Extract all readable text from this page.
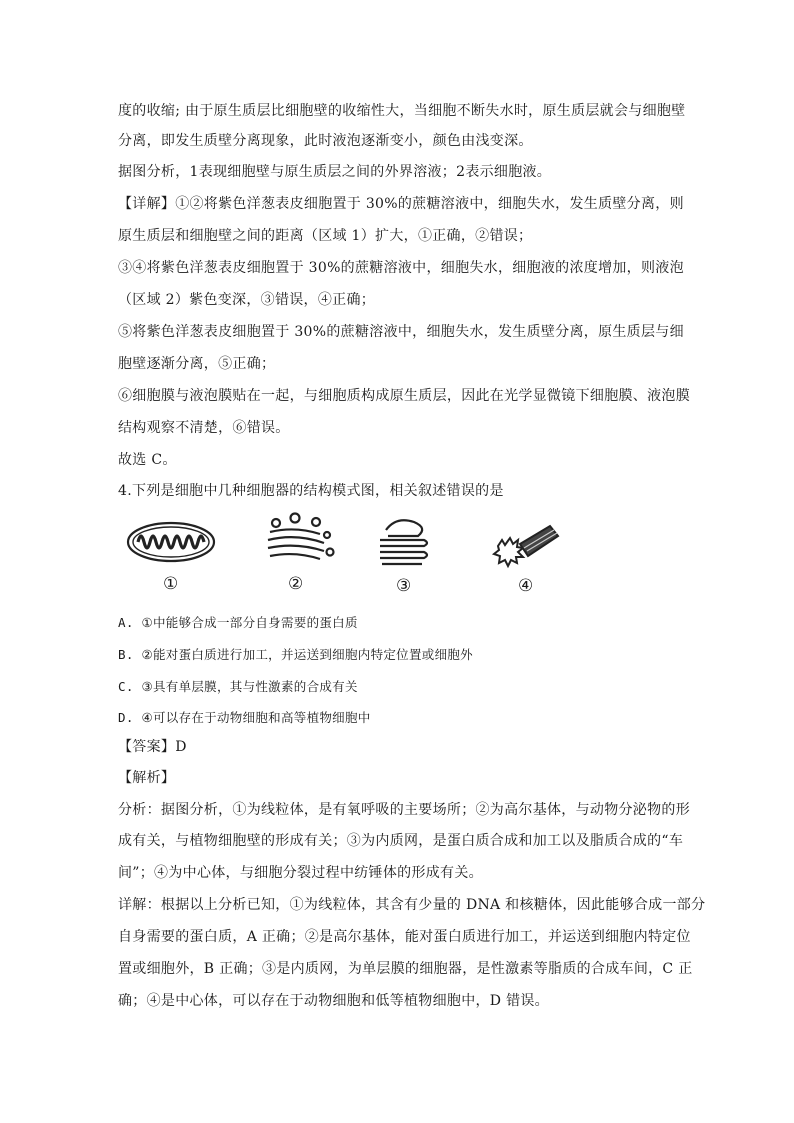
度的收缩; 由于原生质层比细胞壁的收缩性大，当细胞不断失水时，原生质层就会与细胞壁
分离，即发生质壁分离现象，此时液泡逐渐变小，颜色由浅变深。
据图分析，1表现细胞壁与原生质层之间的外界溶液；2表示细胞液。
【详解】①②将紫色洋葱表皮细胞置于 30%的蔗糖溶液中，细胞失水，发生质壁分离，则
原生质层和细胞壁之间的距离（区域 1）扩大，①正确，②错误；
③④将紫色洋葱表皮细胞置于 30%的蔗糖溶液中，细胞失水，细胞液的浓度增加，则液泡
（区域 2）紫色变深，③错误，④正确；
⑤将紫色洋葱表皮细胞置于 30%的蔗糖溶液中，细胞失水，发生质壁分离，原生质层与细
胞壁逐渐分离，⑤正确；
⑥细胞膜与液泡膜贴在一起，与细胞质构成原生质层，因此在光学显微镜下细胞膜、液泡膜
结构观察不清楚，⑥错误。
故选 C。
4.下列是细胞中几种细胞器的结构模式图，相关叙述错误的是
①	②	③	④
A. ①中能够合成一部分自身需要的蛋白质
B. ②能对蛋白质进行加工，并运送到细胞内特定位置或细胞外
C. ③具有单层膜，其与性激素的合成有关
D. ④可以存在于动物细胞和高等植物细胞中
【答案】D
【解析】
分析：据图分析，①为线粒体，是有氧呼吸的主要场所；②为高尔基体，与动物分泌物的形
成有关，与植物细胞壁的形成有关；③为内质网，是蛋白质合成和加工以及脂质合成的“车
间”；④为中心体，与细胞分裂过程中纺锤体的形成有关。
详解：根据以上分析已知，①为线粒体，其含有少量的 DNA 和核糖体，因此能够合成一部分
自身需要的蛋白质，A 正确；②是高尔基体，能对蛋白质进行加工，并运送到细胞内特定位
置或细胞外，B 正确；③是内质网，为单层膜的细胞器，是性激素等脂质的合成车间，C 正
确；④是中心体，可以存在于动物细胞和低等植物细胞中，D 错误。
